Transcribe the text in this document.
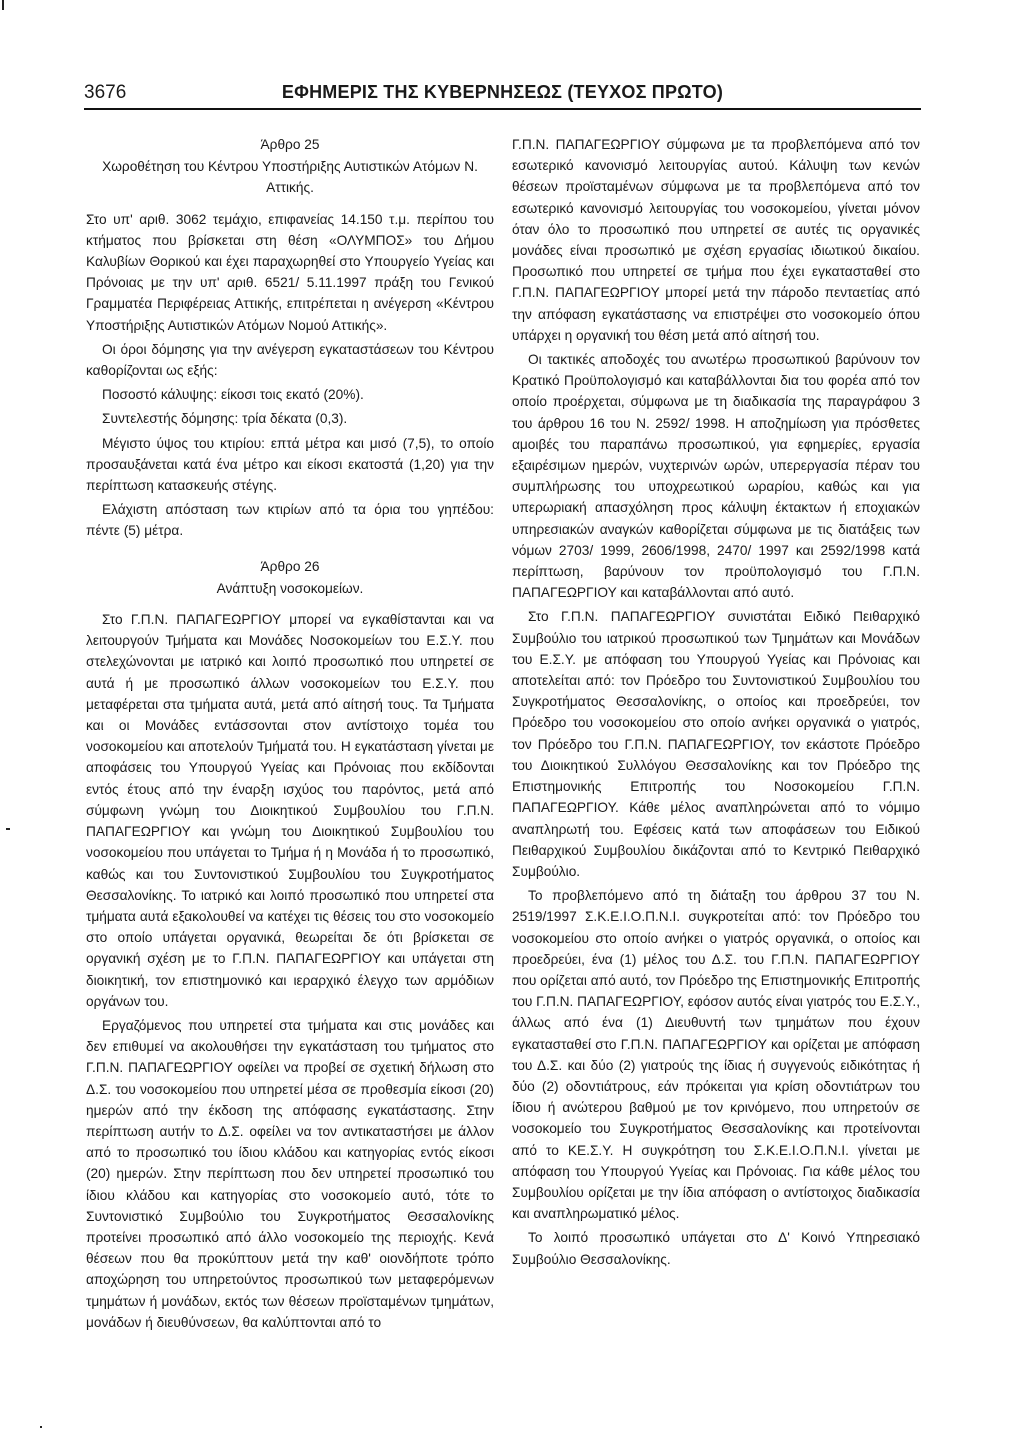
3676	ΕΦΗΜΕΡΙΣ ΤΗΣ ΚΥΒΕΡΝΗΣΕΩΣ (ΤΕΥΧΟΣ ΠΡΩΤΟ)
Άρθρο 25
Χωροθέτηση του Κέντρου Υποστήριξης Αυτιστικών Ατόμων Ν. Αττικής.

Στο υπ' αριθ. 3062 τεμάχιο, επιφανείας 14.150 τ.μ. περίπου του κτήματος που βρίσκεται στη θέση «ΟΛΥΜΠΟΣ» του Δήμου Καλυβίων Θορικού και έχει παραχωρηθεί στο Υπουργείο Υγείας και Πρόνοιας με την υπ' αριθ. 6521/ 5.11.1997 πράξη του Γενικού Γραμματέα Περιφέρειας Αττικής, επιτρέπεται η ανέγερση «Κέντρου Υποστήριξης Αυτιστικών Ατόμων Νομού Αττικής».

Οι όροι δόμησης για την ανέγερση εγκαταστάσεων του Κέντρου καθορίζονται ως εξής:

Ποσοστό κάλυψης: είκοσι τοις εκατό (20%).

Συντελεστής δόμησης: τρία δέκατα (0,3).

Μέγιστο ύψος του κτιρίου: επτά μέτρα και μισό (7,5), το οποίο προσαυξάνεται κατά ένα μέτρο και είκοσι εκατοστά (1,20) για την περίπτωση κατασκευής στέγης.

Ελάχιστη απόσταση των κτιρίων από τα όρια του γηπέδου: πέντε (5) μέτρα.

Άρθρο 26
Ανάπτυξη νοσοκομείων.

Στο Γ.Π.Ν. ΠΑΠΑΓΕΩΡΓΙΟΥ μπορεί να εγκαθίστανται και να λειτουργούν Τμήματα και Μονάδες Νοσοκομείων του Ε.Σ.Υ. που στελεχώνονται με ιατρικό και λοιπό προσωπικό που υπηρετεί σε αυτά ή με προσωπικό άλλων νοσοκομείων του Ε.Σ.Υ. που μεταφέρεται στα τμήματα αυτά, μετά από αίτησή τους. Τα Τμήματα και οι Μονάδες εντάσσονται στον αντίστοιχο τομέα του νοσοκομείου και αποτελούν Τμήματά του. Η εγκατάσταση γίνεται με αποφάσεις του Υπουργού Υγείας και Πρόνοιας που εκδίδονται εντός έτους από την έναρξη ισχύος του παρόντος, μετά από σύμφωνη γνώμη του Διοικητικού Συμβουλίου του Γ.Π.Ν. ΠΑΠΑΓΕΩΡΓΙΟΥ και γνώμη του Διοικητικού Συμβουλίου του νοσοκομείου που υπάγεται το Τμήμα ή η Μονάδα ή το προσωπικό, καθώς και του Συντονιστικού Συμβουλίου του Συγκροτήματος Θεσσαλονίκης. Το ιατρικό και λοιπό προσωπικό που υπηρετεί στα τμήματα αυτά εξακολουθεί να κατέχει τις θέσεις του στο νοσοκομείο στο οποίο υπάγεται οργανικά, θεωρείται δε ότι βρίσκεται σε οργανική σχέση με το Γ.Π.Ν. ΠΑΠΑΓΕΩΡΓΙΟΥ και υπάγεται στη διοικητική, τον επιστημονικό και ιεραρχικό έλεγχο των αρμόδιων οργάνων του.

Εργαζόμενος που υπηρετεί στα τμήματα και στις μονάδες και δεν επιθυμεί να ακολουθήσει την εγκατάσταση του τμήματος στο Γ.Π.Ν. ΠΑΠΑΓΕΩΡΓΙΟΥ οφείλει να προβεί σε σχετική δήλωση στο Δ.Σ. του νοσοκομείου που υπηρετεί μέσα σε προθεσμία είκοσι (20) ημερών από την έκδοση της απόφασης εγκατάστασης. Στην περίπτωση αυτήν το Δ.Σ. οφείλει να τον αντικαταστήσει με άλλον από το προσωπικό του ίδιου κλάδου και κατηγορίας εντός είκοσι (20) ημερών. Στην περίπτωση που δεν υπηρετεί προσωπικό του ίδιου κλάδου και κατηγορίας στο νοσοκομείο αυτό, τότε το Συντονιστικό Συμβούλιο του Συγκροτήματος Θεσσαλονίκης προτείνει προσωπικό από άλλο νοσοκομείο της περιοχής. Κενά θέσεων που θα προκύπτουν μετά την καθ' οιονδήποτε τρόπο αποχώρηση του υπηρετούντος προσωπικού των μεταφερόμενων τμημάτων ή μονάδων, εκτός των θέσεων προϊσταμένων τμημάτων, μονάδων ή διευθύνσεων, θα καλύπτονται από το

Γ.Π.Ν. ΠΑΠΑΓΕΩΡΓΙΟΥ σύμφωνα με τα προβλεπόμενα από τον εσωτερικό κανονισμό λειτουργίας αυτού. Κάλυψη των κενών θέσεων προϊσταμένων σύμφωνα με τα προβλεπόμενα από τον εσωτερικό κανονισμό λειτουργίας του νοσοκομείου, γίνεται μόνον όταν όλο το προσωπικό που υπηρετεί σε αυτές τις οργανικές μονάδες είναι προσωπικό με σχέση εργασίας ιδιωτικού δικαίου. Προσωπικό που υπηρετεί σε τμήμα που έχει εγκατασταθεί στο Γ.Π.Ν. ΠΑΠΑΓΕΩΡΓΙΟΥ μπορεί μετά την πάροδο πενταετίας από την απόφαση εγκατάστασης να επιστρέψει στο νοσοκομείο όπου υπάρχει η οργανική του θέση μετά από αίτησή του.

Οι τακτικές αποδοχές του ανωτέρω προσωπικού βαρύνουν τον Κρατικό Προϋπολογισμό και καταβάλλονται δια του φορέα από τον οποίο προέρχεται, σύμφωνα με τη διαδικασία της παραγράφου 3 του άρθρου 16 του Ν. 2592/ 1998. Η αποζημίωση για πρόσθετες αμοιβές του παραπάνω προσωπικού, για εφημερίες, εργασία εξαιρέσιμων ημερών, νυχτερινών ωρών, υπερεργασία πέραν του συμπλήρωσης του υποχρεωτικού ωραρίου, καθώς και για υπερωριακή απασχόληση προς κάλυψη έκτακτων ή εποχιακών υπηρεσιακών αναγκών καθορίζεται σύμφωνα με τις διατάξεις των νόμων 2703/ 1999, 2606/1998, 2470/ 1997 και 2592/1998 κατά περίπτωση, βαρύνουν τον προϋπολογισμό του Γ.Π.Ν. ΠΑΠΑΓΕΩΡΓΙΟΥ και καταβάλλονται από αυτό.

Στο Γ.Π.Ν. ΠΑΠΑΓΕΩΡΓΙΟΥ συνιστάται Ειδικό Πειθαρχικό Συμβούλιο του ιατρικού προσωπικού των Τμημάτων και Μονάδων του Ε.Σ.Υ. με απόφαση του Υπουργού Υγείας και Πρόνοιας και αποτελείται από: τον Πρόεδρο του Συντονιστικού Συμβουλίου του Συγκροτήματος Θεσσαλονίκης, ο οποίος και προεδρεύει, τον Πρόεδρο του νοσοκομείου στο οποίο ανήκει οργανικά ο γιατρός, τον Πρόεδρο του Γ.Π.Ν. ΠΑΠΑΓΕΩΡΓΙΟΥ, τον εκάστοτε Πρόεδρο του Διοικητικού Συλλόγου Θεσσαλονίκης και τον Πρόεδρο της Επιστημονικής Επιτροπής του Νοσοκομείου Γ.Π.Ν. ΠΑΠΑΓΕΩΡΓΙΟΥ. Κάθε μέλος αναπληρώνεται από το νόμιμο αναπληρωτή του. Εφέσεις κατά των αποφάσεων του Ειδικού Πειθαρχικού Συμβουλίου δικάζονται από το Κεντρικό Πειθαρχικό Συμβούλιο.

Το προβλεπόμενο από τη διάταξη του άρθρου 37 του Ν. 2519/1997 Σ.Κ.Ε.Ι.Ο.Π.Ν.Ι. συγκροτείται από: τον Πρόεδρο του νοσοκομείου στο οποίο ανήκει ο γιατρός οργανικά, ο οποίος και προεδρεύει, ένα (1) μέλος του Δ.Σ. του Γ.Π.Ν. ΠΑΠΑΓΕΩΡΓΙΟΥ που ορίζεται από αυτό, τον Πρόεδρο της Επιστημονικής Επιτροπής του Γ.Π.Ν. ΠΑΠΑΓΕΩΡΓΙΟΥ, εφόσον αυτός είναι γιατρός του Ε.Σ.Υ., άλλως από ένα (1) Διευθυντή των τμημάτων που έχουν εγκατασταθεί στο Γ.Π.Ν. ΠΑΠΑΓΕΩΡΓΙΟΥ και ορίζεται με απόφαση του Δ.Σ. και δύο (2) γιατρούς της ίδιας ή συγγενούς ειδικότητας ή δύο (2) οδοντιάτρους, εάν πρόκειται για κρίση οδοντιάτρων του ίδιου ή ανώτερου βαθμού με τον κρινόμενο, που υπηρετούν σε νοσοκομείο του Συγκροτήματος Θεσσαλονίκης και προτείνονται από το ΚΕ.Σ.Υ. Η συγκρότηση του Σ.Κ.Ε.Ι.Ο.Π.Ν.Ι. γίνεται με απόφαση του Υπουργού Υγείας και Πρόνοιας. Για κάθε μέλος του Συμβουλίου ορίζεται με την ίδια απόφαση ο αντίστοιχος διαδικασία και αναπληρωματικό μέλος.

Το λοιπό προσωπικό υπάγεται στο Δ' Κοινό Υπηρεσιακό Συμβούλιο Θεσσαλονίκης.
